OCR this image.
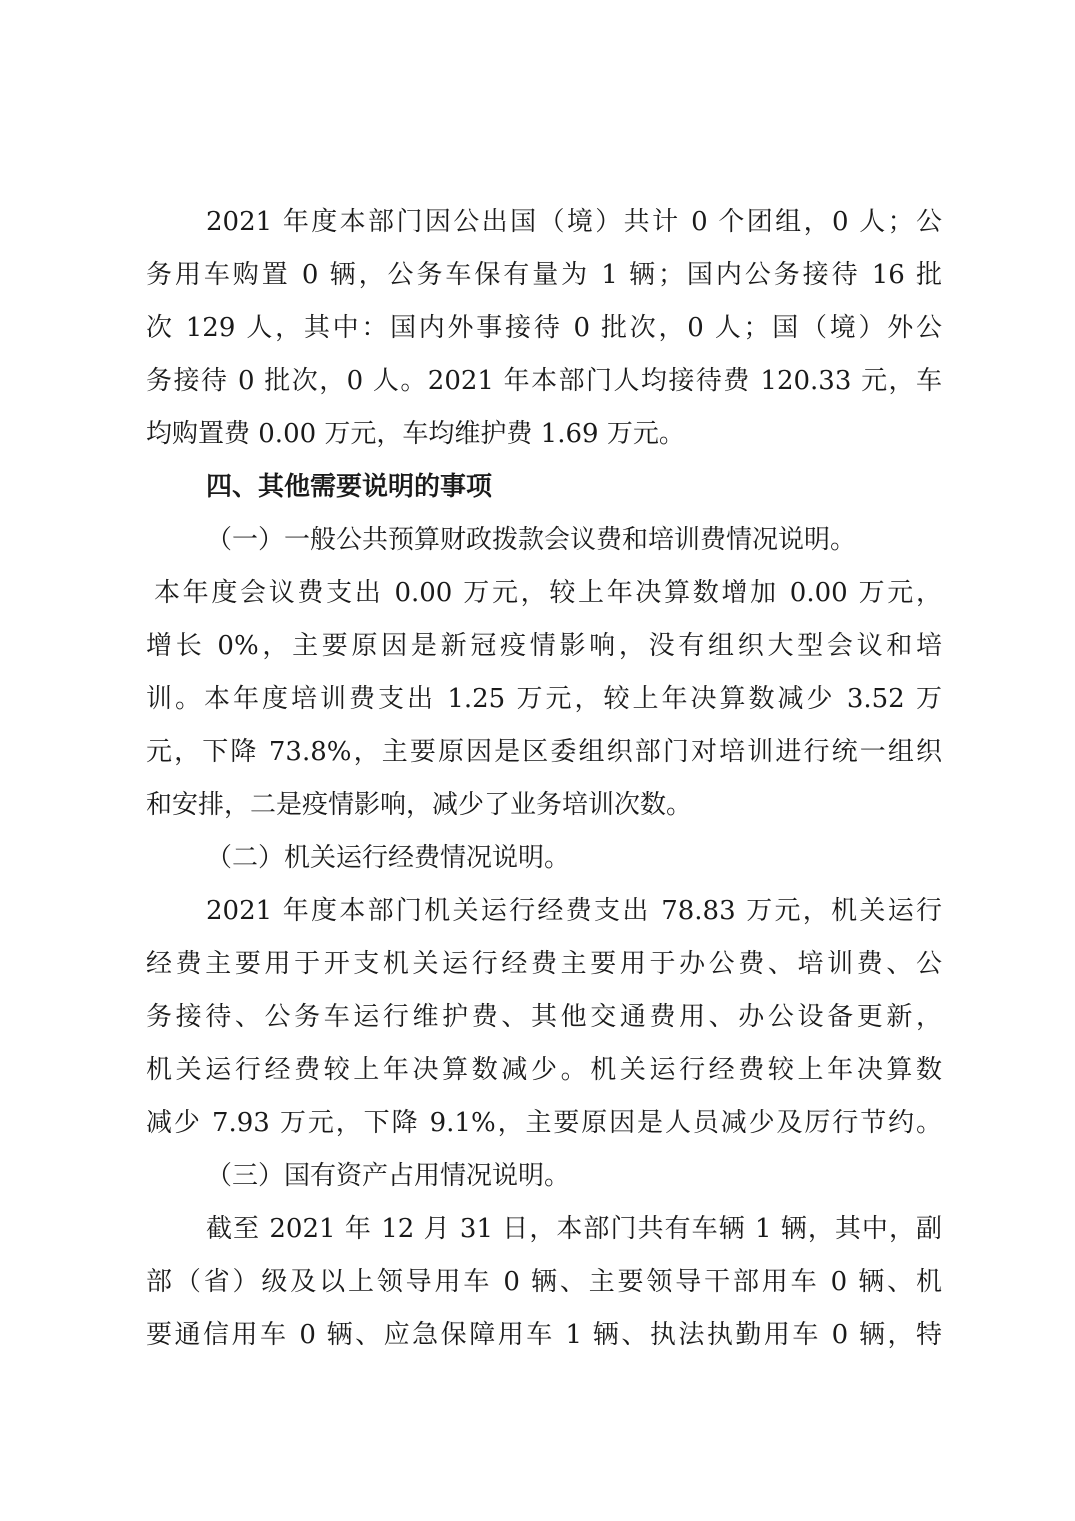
2021 年度本部门因公出国（境）共计 0 个团组，0 人；公
务用车购置 0 辆，公务车保有量为 1 辆；国内公务接待 16 批
次 129 人，其中：国内外事接待 0 批次，0 人；国（境）外公
务接待 0 批次，0 人。2021 年本部门人均接待费 120.33 元，车
均购置费 0.00 万元，车均维护费 1.69 万元。
四、其他需要说明的事项
（一）一般公共预算财政拨款会议费和培训费情况说明。
本年度会议费支出 0.00 万元，较上年决算数增加 0.00 万元，
增长 0%，主要原因是新冠疫情影响，没有组织大型会议和培
训。本年度培训费支出 1.25 万元，较上年决算数减少 3.52 万
元，下降 73.8%，主要原因是区委组织部门对培训进行统一组织
和安排，二是疫情影响，减少了业务培训次数。
（二）机关运行经费情况说明。
2021 年度本部门机关运行经费支出 78.83 万元，机关运行
经费主要用于开支机关运行经费主要用于办公费、培训费、公
务接待、公务车运行维护费、其他交通费用、办公设备更新，
机关运行经费较上年决算数减少。机关运行经费较上年决算数
减少 7.93 万元，下降 9.1%，主要原因是人员减少及厉行节约。
（三）国有资产占用情况说明。
截至 2021 年 12 月 31 日，本部门共有车辆 1 辆，其中，副
部（省）级及以上领导用车 0 辆、主要领导干部用车 0 辆、机
要通信用车 0 辆、应急保障用车 1 辆、执法执勤用车 0 辆，特
